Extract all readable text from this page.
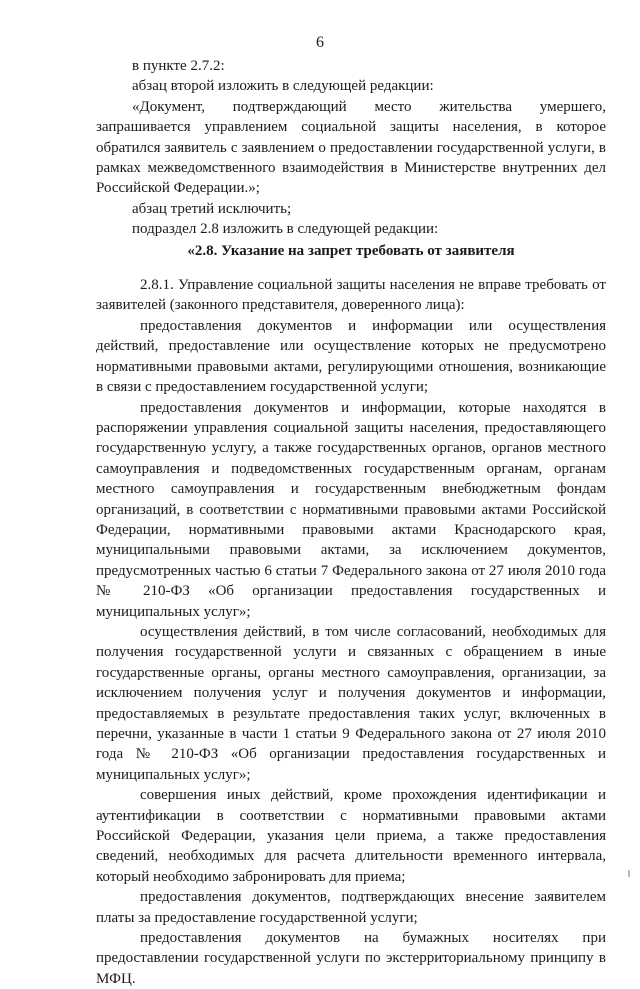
6

в пункте 2.7.2:

абзац второй изложить в следующей редакции:

«Документ, подтверждающий место жительства умершего, запрашивается управлением социальной защиты населения, в которое обратился заявитель с заявлением о предоставлении государственной услуги, в рамках межведомственного взаимодействия в Министерстве внутренних дел Российской Федерации.»;

абзац третий исключить;

подраздел 2.8 изложить в следующей редакции:

«2.8. Указание на запрет требовать от заявителя

2.8.1. Управление социальной защиты населения не вправе требовать от заявителей (законного представителя, доверенного лица):

предоставления документов и информации или осуществления действий, предоставление или осуществление которых не предусмотрено нормативными правовыми актами, регулирующими отношения, возникающие в связи с предоставлением государственной услуги;

предоставления документов и информации, которые находятся в распоряжении управления социальной защиты населения, предоставляющего государственную услугу, а также государственных органов, органов местного самоуправления и подведомственных государственным органам, органам местного самоуправления и государственным внебюджетным фондам организаций, в соответствии с нормативными правовыми актами Российской Федерации, нормативными правовыми актами Краснодарского края, муниципальными правовыми актами, за исключением документов, предусмотренных частью 6 статьи 7 Федерального закона от 27 июля 2010 года № 210-ФЗ «Об организации предоставления государственных и муниципальных услуг»;

осуществления действий, в том числе согласований, необходимых для получения государственной услуги и связанных с обращением в иные государственные органы, органы местного самоуправления, организации, за исключением получения услуг и получения документов и информации, предоставляемых в результате предоставления таких услуг, включенных в перечни, указанные в части 1 статьи 9 Федерального закона от 27 июля 2010 года № 210-ФЗ «Об организации предоставления государственных и муниципальных услуг»;

совершения иных действий, кроме прохождения идентификации и аутентификации в соответствии с нормативными правовыми актами Российской Федерации, указания цели приема, а также предоставления сведений, необходимых для расчета длительности временного интервала, который необходимо забронировать для приема;

предоставления документов, подтверждающих внесение заявителем платы за предоставление государственной услуги;

предоставления документов на бумажных носителях при предоставлении государственной услуги по экстерриториальному принципу в МФЦ.
